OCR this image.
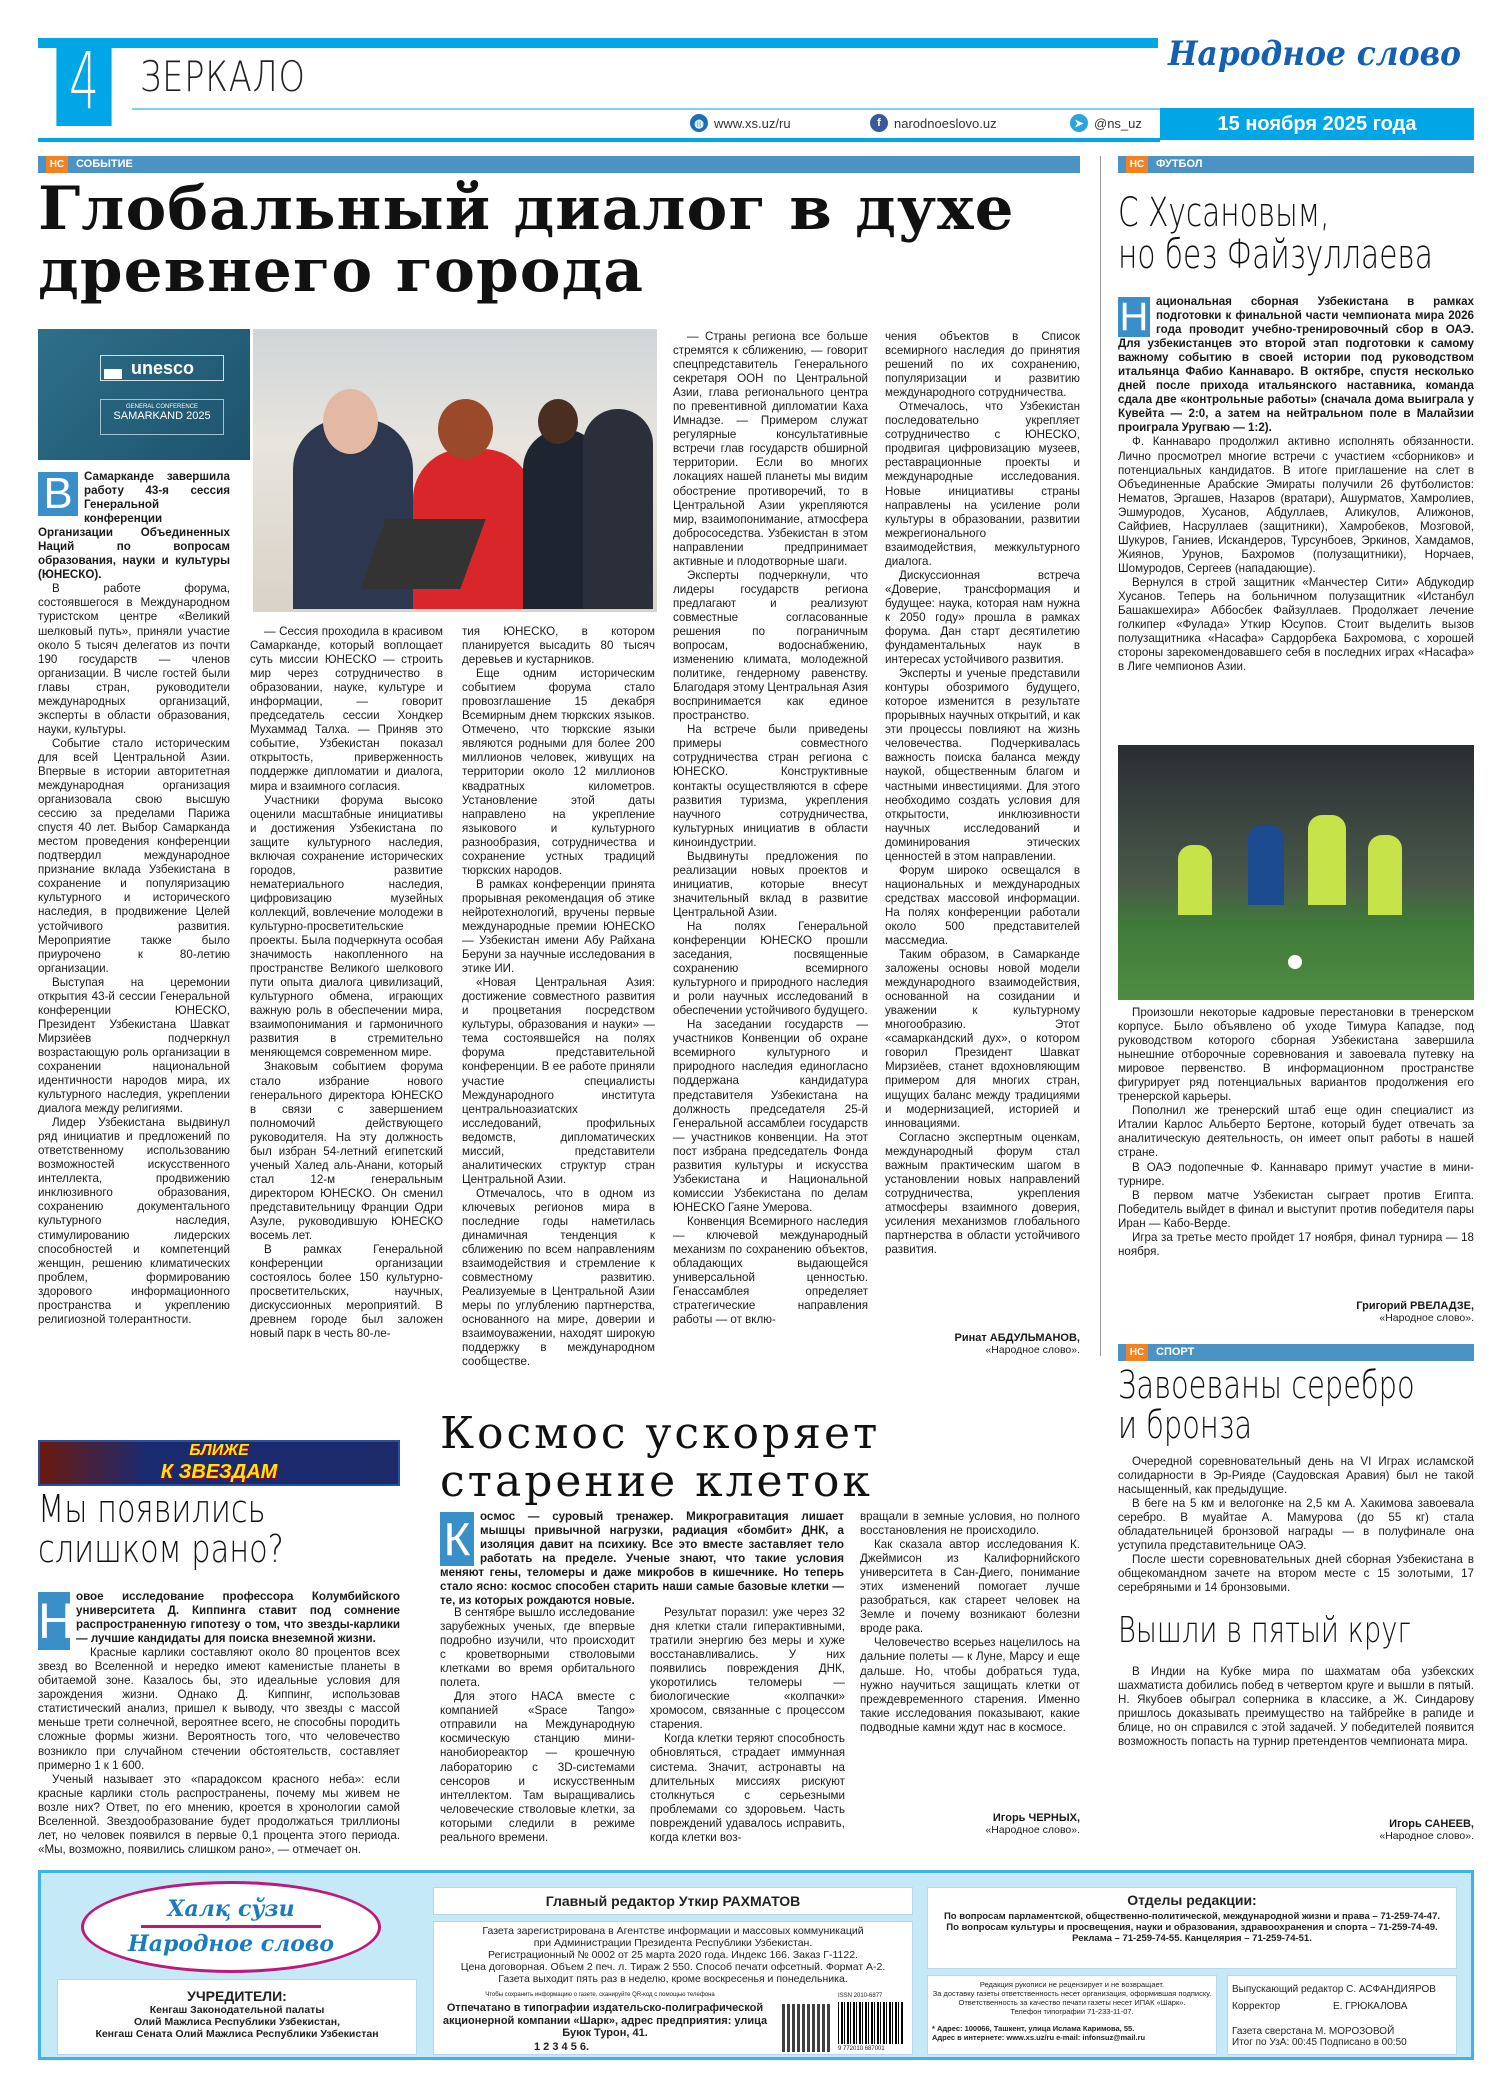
4 ЗЕРКАЛО	Народное слово
◍ www.xs.uz/ru	f	narodnoeslovo.uz	➤ @ns_uz	15 ноября 2025 года
НС	СОБЫТИЕ
Глобальный диалог в духе
древнего города
unesco
GENERAL CONFERENCE
SAMARKAND 2025
В Самарканде завершила работу 43-я сессия Генеральной конференции Организации Объединенных Наций по вопросам образования, науки и культуры (ЮНЕСКО).

В работе форума, состоявшегося в Международном туристском центре «Великий шелковый путь», приняли участие около 5 тысяч делегатов из почти 190 государств — членов организации. В числе гостей были главы стран, руководители международных организаций, эксперты в области образования, науки, культуры.

Событие стало историческим для всей Центральной Азии. Впервые в истории авторитетная международная организация организовала свою высшую сессию за пределами Парижа спустя 40 лет. Выбор Самарканда местом проведения конференции подтвердил международное признание вклада Узбекистана в сохранение и популяризацию культурного и исторического наследия, в продвижение Целей устойчивого развития. Мероприятие также было приурочено к 80-летию организации.

Выступая на церемонии открытия 43-й сессии Генеральной конференции ЮНЕСКО, Президент Узбекистана Шавкат Мирзиёев подчеркнул возрастающую роль организации в сохранении национальной идентичности народов мира, их культурного наследия, укреплении диалога между религиями.

Лидер Узбекистана выдвинул ряд инициатив и предложений по ответственному использованию возможностей искусственного интеллекта, продвижению инклюзивного образования, сохранению документального культурного наследия, стимулированию лидерских способностей и компетенций женщин, решению климатических проблем, формированию здорового информационного пространства и укреплению религиозной толерантности.

— Сессия проходила в красивом Самарканде, который воплощает суть миссии ЮНЕСКО — строить мир через сотрудничество в образовании, науке, культуре и информации, — говорит председатель сессии Хондкер Мухаммад Талха. — Приняв это событие, Узбекистан показал открытость, приверженность поддержке дипломатии и диалога, мира и взаимного согласия.

Участники форума высоко оценили масштабные инициативы и достижения Узбекистана по защите культурного наследия, включая сохранение исторических городов, развитие нематериального наследия, цифровизацию музейных коллекций, вовлечение молодежи в культурно-просветительские проекты. Была подчеркнута особая значимость накопленного на пространстве Великого шелкового пути опыта диалога цивилизаций, культурного обмена, играющих важную роль в обеспечении мира, взаимопонимания и гармоничного развития в стремительно меняющемся современном мире.

Знаковым событием форума стало избрание нового генерального директора ЮНЕСКО в связи с завершением полномочий действующего руководителя. На эту должность был избран 54-летний египетский ученый Халед аль-Анани, который стал 12-м генеральным директором ЮНЕСКО. Он сменил представительницу Франции Одри Азуле, руководившую ЮНЕСКО восемь лет.

В рамках Генеральной конференции организации состоялось более 150 культурно-просветительских, научных, дискуссионных мероприятий. В древнем городе был заложен новый парк в честь 80-ле-

тия ЮНЕСКО, в котором планируется высадить 80 тысяч деревьев и кустарников.

Еще одним историческим событием форума стало провозглашение 15 декабря Всемирным днем тюркских языков. Отмечено, что тюркские языки являются родными для более 200 миллионов человек, живущих на территории около 12 миллионов квадратных километров. Установление этой даты направлено на укрепление языкового и культурного разнообразия, сотрудничества и сохранение устных традиций тюркских народов.

В рамках конференции принята прорывная рекомендация об этике нейротехнологий, вручены первые международные премии ЮНЕСКО — Узбекистан имени Абу Райхана Беруни за научные исследования в этике ИИ.

«Новая Центральная Азия: достижение совместного развития и процветания посредством культуры, образования и науки» — тема состоявшейся на полях форума представительной конференции. В ее работе приняли участие специалисты Международного института центральноазиатских исследований, профильных ведомств, дипломатических миссий, представители аналитических структур стран Центральной Азии.

Отмечалось, что в одном из ключевых регионов мира в последние годы наметилась динамичная тенденция к сближению по всем направлениям взаимодействия и стремление к совместному развитию. Реализуемые в Центральной Азии меры по углублению партнерства, основанного на мире, доверии и взаимоуважении, находят широкую поддержку в международном сообществе.

— Страны региона все больше стремятся к сближению, — говорит спецпредставитель Генерального секретаря ООН по Центральной Азии, глава регионального центра по превентивной дипломатии Каха Имнадзе. — Примером служат регулярные консультативные встречи глав государств обширной территории. Если во многих локациях нашей планеты мы видим обострение противоречий, то в Центральной Азии укрепляются мир, взаимопонимание, атмосфера добрососедства. Узбекистан в этом направлении предпринимает активные и плодотворные шаги.

Эксперты подчеркнули, что лидеры государств региона предлагают и реализуют совместные согласованные решения по пограничным вопросам, водоснабжению, изменению климата, молодежной политике, гендерному равенству. Благодаря этому Центральная Азия воспринимается как единое пространство.

На встрече были приведены примеры совместного сотрудничества стран региона с ЮНЕСКО. Конструктивные контакты осуществляются в сфере развития туризма, укрепления научного сотрудничества, культурных инициатив в области киноиндустрии.

Выдвинуты предложения по реализации новых проектов и инициатив, которые внесут значительный вклад в развитие Центральной Азии.

На полях Генеральной конференции ЮНЕСКО прошли заседания, посвященные сохранению всемирного культурного и природного наследия и роли научных исследований в обеспечении устойчивого будущего.

На заседании государств — участников Конвенции об охране всемирного культурного и природного наследия единогласно поддержана кандидатура представителя Узбекистана на должность председателя 25-й Генеральной ассамблеи государств — участников конвенции. На этот пост избрана председатель Фонда развития культуры и искусства Узбекистана и Национальной комиссии Узбекистана по делам ЮНЕСКО Гаяне Умерова.

Конвенция Всемирного наследия — ключевой международный механизм по сохранению объектов, обладающих выдающейся универсальной ценностью. Генассамблея определяет стратегические направления работы — от вклю-

чения объектов в Список всемирного наследия до принятия решений по их сохранению, популяризации и развитию международного сотрудничества.

Отмечалось, что Узбекистан последовательно укрепляет сотрудничество с ЮНЕСКО, продвигая цифровизацию музеев, реставрационные проекты и международные исследования. Новые инициативы страны направлены на усиление роли культуры в образовании, развитии межрегионального взаимодействия, межкультурного диалога.

Дискуссионная встреча «Доверие, трансформация и будущее: наука, которая нам нужна к 2050 году» прошла в рамках форума. Дан старт десятилетию фундаментальных наук в интересах устойчивого развития.

Эксперты и ученые представили контуры обозримого будущего, которое изменится в результате прорывных научных открытий, и как эти процессы повлияют на жизнь человечества. Подчеркивалась важность поиска баланса между наукой, общественным благом и частными инвестициями. Для этого необходимо создать условия для открытости, инклюзивности научных исследований и доминирования этических ценностей в этом направлении.

Форум широко освещался в национальных и международных средствах массовой информации. На полях конференции работали около 500 представителей массмедиа.

Таким образом, в Самарканде заложены основы новой модели международного взаимодействия, основанной на созидании и уважении к культурному многообразию. Этот «самаркандский дух», о котором говорил Президент Шавкат Мирзиёев, станет вдохновляющим примером для многих стран, ищущих баланс между традициями и модернизацией, историей и инновациями.

Согласно экспертным оценкам, международный форум стал важным практическим шагом в установлении новых направлений сотрудничества, укрепления атмосферы взаимного доверия, усиления механизмов глобального партнерства в области устойчивого развития.

Ринат АБДУЛЬМАНОВ,
«Народное слово».
НС	ФУТБОЛ
С Хусановым,
но без Файзуллаева
Н ациональная сборная Узбекистана в рамках подготовки к финальной части чемпионата мира 2026 года проводит учебно-тренировочный сбор в ОАЭ. Для узбекистанцев это второй этап подготовки к самому важному событию в своей истории под руководством итальянца Фабио Каннаваро. В октябре, спустя несколько дней после прихода итальянского наставника, команда сдала две «контрольные работы» (сначала дома выиграла у Кувейта — 2:0, а затем на нейтральном поле в Малайзии проиграла Уругваю — 1:2).

Ф. Каннаваро продолжил активно исполнять обязанности. Лично просмотрел многие встречи с участием «сборников» и потенциальных кандидатов. В итоге приглашение на слет в Объединенные Арабские Эмираты получили 26 футболистов: Нематов, Эргашев, Назаров (вратари), Ашурматов, Хамролиев, Эшмуродов, Хусанов, Абдуллаев, Аликулов, Алижонов, Сайфиев, Насруллаев (защитники), Хамробеков, Мозговой, Шукуров, Ганиев, Искандеров, Турсунбоев, Эркинов, Хамдамов, Жиянов, Урунов, Бахромов (полузащитники), Норчаев, Шомуродов, Сергеев (нападающие).

Вернулся в строй защитник «Манчестер Сити» Абдукодир Хусанов. Теперь на больничном полузащитник «Истанбул Башакшехира» Аббосбек Файзуллаев. Продолжает лечение голкипер «Фулада» Уткир Юсупов. Стоит выделить вызов полузащитника «Насафа» Сардорбека Бахромова, с хорошей стороны зарекомендовавшего себя в последних играх «Насафа» в Лиге чемпионов Азии.

Произошли некоторые кадровые перестановки в тренерском корпусе. Было объявлено об уходе Тимура Кападзе, под руководством которого сборная Узбекистана завершила нынешние отборочные соревнования и завоевала путевку на мировое первенство. В информационном пространстве фигурирует ряд потенциальных вариантов продолжения его тренерской карьеры.

Пополнил же тренерский штаб еще один специалист из Италии Карлос Альберто Бертоне, который будет отвечать за аналитическую деятельность, он имеет опыт работы в нашей стране.

В ОАЭ подопечные Ф. Каннаваро примут участие в мини-турнире.

В первом матче Узбекистан сыграет против Египта. Победитель выйдет в финал и выступит против победителя пары Иран — Кабо-Верде.

Игра за третье место пройдет 17 ноября, финал турнира — 18 ноября.

Григорий РВЕЛАДЗЕ,
«Народное слово».
НС	СПОРТ
Завоеваны серебро
и бронза

Очередной соревновательный день на VI Играх исламской солидарности в Эр-Рияде (Саудовская Аравия) был не такой насыщенный, как предыдущие.

В беге на 5 км и велогонке на 2,5 км А. Хакимова завоевала серебро. В муайтае А. Мамурова (до 55 кг) стала обладательницей бронзовой награды — в полуфинале она уступила представительнице ОАЭ.

После шести соревновательных дней сборная Узбекистана в общекомандном зачете на втором месте с 15 золотыми, 17 серебряными и 14 бронзовыми.

Вышли в пятый круг

В Индии на Кубке мира по шахматам оба узбекских шахматиста добились побед в четвертом круге и вышли в пятый. Н. Якубоев обыграл соперника в классике, а Ж. Синдарову пришлось доказывать преимущество на тайбрейке в рапиде и блице, но он справился с этой задачей. У победителей появится возможность попасть на турнир претендентов чемпионата мира.

Игорь САНЕЕВ,
«Народное слово».
БЛИЖЕ
К ЗВЕЗДАМ
Мы появились
слишком рано?
Н овое исследование профессора Колумбийского университета Д. Киппинга ставит под сомнение распространенную гипотезу о том, что звезды-карлики — лучшие кандидаты для поиска внеземной жизни.

Красные карлики составляют около 80 процентов всех звезд во Вселенной и нередко имеют каменистые планеты в обитаемой зоне. Казалось бы, это идеальные условия для зарождения жизни. Однако Д. Киппинг, использовав статистический анализ, пришел к выводу, что звезды с массой меньше трети солнечной, вероятнее всего, не способны породить сложные формы жизни. Вероятность того, что человечество возникло при случайном стечении обстоятельств, составляет примерно 1 к 1 600.

Ученый называет это «парадоксом красного неба»: если красные карлики столь распространены, почему мы живем не возле них? Ответ, по его мнению, кроется в хронологии самой Вселенной. Звездообразование будет продолжаться триллионы лет, но человек появился в первые 0,1 процента этого периода. «Мы, возможно, появились слишком рано», — отмечает он.

Космос ускоряет
старение клеток
К осмос — суровый тренажер. Микрогравитация лишает мышцы привычной нагрузки, радиация «бомбит» ДНК, а изоляция давит на психику. Все это вместе заставляет тело работать на пределе. Ученые знают, что такие условия меняют гены, теломеры и даже микробов в кишечнике. Но теперь стало ясно: космос способен старить наши самые базовые клетки — те, из которых рождаются новые.

В сентябре вышло исследование зарубежных ученых, где впервые подробно изучили, что происходит с кроветворными стволовыми клетками во время орбитального полета.

Для этого НАСА вместе с компанией «Space Tango» отправили на Международную космическую станцию мини-нанобиореактор — крошечную лабораторию с 3D-системами сенсоров и искусственным интеллектом. Там выращивались человеческие стволовые клетки, за которыми следили в режиме реального времени.

Результат поразил: уже через 32 дня клетки стали гиперактивными, тратили энергию без меры и хуже восстанавливались. У них появились повреждения ДНК, укоротились теломеры — биологические «колпачки» хромосом, связанные с процессом старения.

Когда клетки теряют способность обновляться, страдает иммунная система. Значит, астронавты на длительных миссиях рискуют столкнуться с серьезными проблемами со здоровьем. Часть повреждений удавалось исправить, когда клетки воз-

вращали в земные условия, но полного восстановления не происходило.

Как сказала автор исследования К. Джеймисон из Калифорнийского университета в Сан-Диего, понимание этих изменений помогает лучше разобраться, как стареет человек на Земле и почему возникают болезни вроде рака.

Человечество всерьез нацелилось на дальние полеты — к Луне, Марсу и еще дальше. Но, чтобы добраться туда, нужно научиться защищать клетки от преждевременного старения. Именно такие исследования показывают, какие подводные камни ждут нас в космосе.

Игорь ЧЕРНЫХ,
«Народное слово».
Халқ сўзи
Народное слово
УЧРЕДИТЕЛИ:
Кенгаш Законодательной палаты
Олий Мажлиса Республики Узбекистан,
Кенгаш Сената Олий Мажлиса Республики Узбекистан
Главный редактор Уткир РАХМАТОВ
Газета зарегистрирована в Агентстве информации и массовых коммуникаций
при Администрации Президента Республики Узбекистан.
Регистрационный № 0002 от 25 марта 2020 года. Индекс 166. Заказ Г-1122.
Цена договорная. Объем 2 печ. л. Тираж 2 550. Способ печати офсетный. Формат А-2.
Газета выходит пять раз в неделю, кроме воскресенья и понедельника.
Чтобы сохранить информацию о газете, сканируйте QR-код с помощью телефона
Отпечатано в типографии издательско-полиграфической акционерной компании «Шарк», адрес предприятия: улица Буюк Турон, 41.
1 2 3 4 5 6.
ISSN 2010-6877
9 772010 687001
Отделы редакции:
По вопросам парламентской, общественно-политической, международной жизни и права – 71-259-74-47.
По вопросам культуры и просвещения, науки и образования, здравоохранения и спорта – 71-259-74-49.
Реклама – 71-259-74-55. Канцелярия – 71-259-74-51.
Редакция рукописи не рецензирует и не возвращает.
За доставку газеты ответственность несет организация, оформившая подписку.
Ответственность за качество печати газеты несет ИПАК «Шарк».
Телефон типографии 71-233-11-07.
* Адрес: 100066, Ташкент, улица Ислама Каримова, 55.
Адрес в интернете: www.xs.uz/ru e-mail: infonsuz@mail.ru
Выпускающий редактор С. АСФАНДИЯРОВ
Корректор	Е. ГРЮКАЛОВА
Газета сверстана М. МОРОЗОВОЙ
Итог по УзА: 00:45 Подписано в 00:50
